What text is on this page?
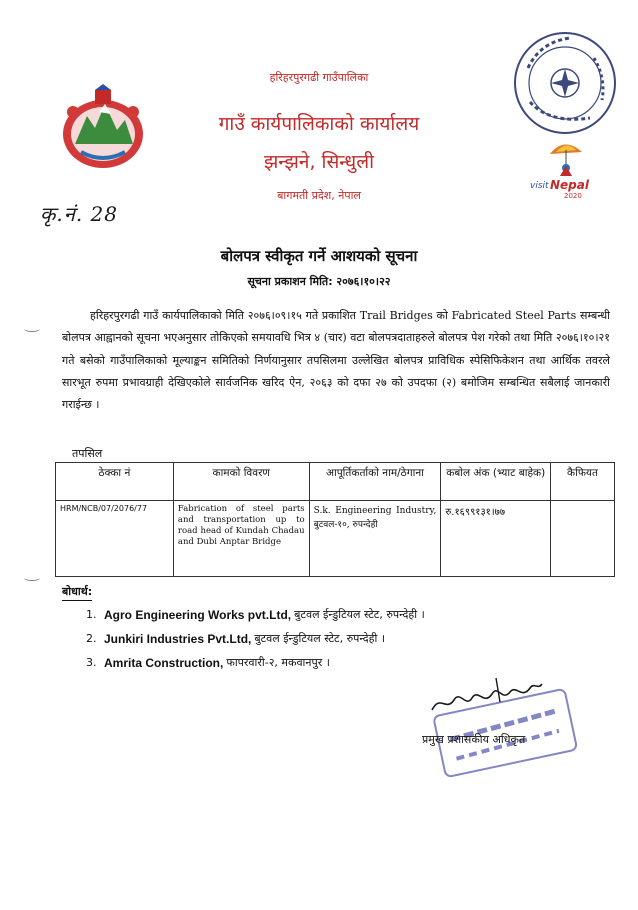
हरिहरपुरगढी गाउँपालिका
गाउँ कार्यपालिकाको कार्यालय
झन्झने, सिन्धुली
बागमती प्रदेश, नेपाल
visit Nepal
2020
कृ.नं. 28
बोलपत्र स्वीकृत गर्ने आशयको सूचना
सूचना प्रकाशन मिति: २०७६।१०।२२
हरिहरपुरगढी गाउँ कार्यपालिकाको मिति २०७६।०९।१५ गते प्रकाशित Trail Bridges को Fabricated Steel Parts सम्बन्धी बोलपत्र आह्वानको सूचना भएअनुसार तोकिएको समयावधि भित्र ४ (चार) वटा बोलपत्रदाताहरुले बोलपत्र पेश गरेको तथा मिति २०७६।१०।२१ गते बसेको गाउँपालिकाको मूल्याङ्कन समितिको निर्णयानुसार तपसिलमा उल्लेखित बोलपत्र प्राविधिक स्पेसिफिकेशन तथा आर्थिक तवरले सारभूत रुपमा प्रभावग्राही देखिएकोले सार्वजनिक खरिद ऐन, २०६३ को दफा २७ को उपदफा (२) बमोजिम सम्बन्धित सबैलाई जानकारी गराईन्छ ।
तपसिल
ठेक्का नं	कामको विवरण	आपूर्तिकर्ताको नाम/ठेगाना	कबोल अंक (भ्याट बाहेक)	कैफियत
HRM/NCB/07/2076/77	Fabrication of steel parts and transportation up to road head of Kundah Chadau and Dubi Anptar Bridge	S.k. Engineering Industry, बुटवल-१०, रुपन्देही	रु.१६९९१३१।७७	
बोधार्थ:
1. Agro Engineering Works pvt.Ltd, बुटवल ईन्डुटियल स्टेट, रुपन्देही ।
2. Junkiri Industries Pvt.Ltd, बुटवल ईन्डुटियल स्टेट, रुपन्देही ।
3. Amrita Construction, फापरवारी-२, मकवानपुर ।
प्रमुख प्रशासकीय अधिकृत
